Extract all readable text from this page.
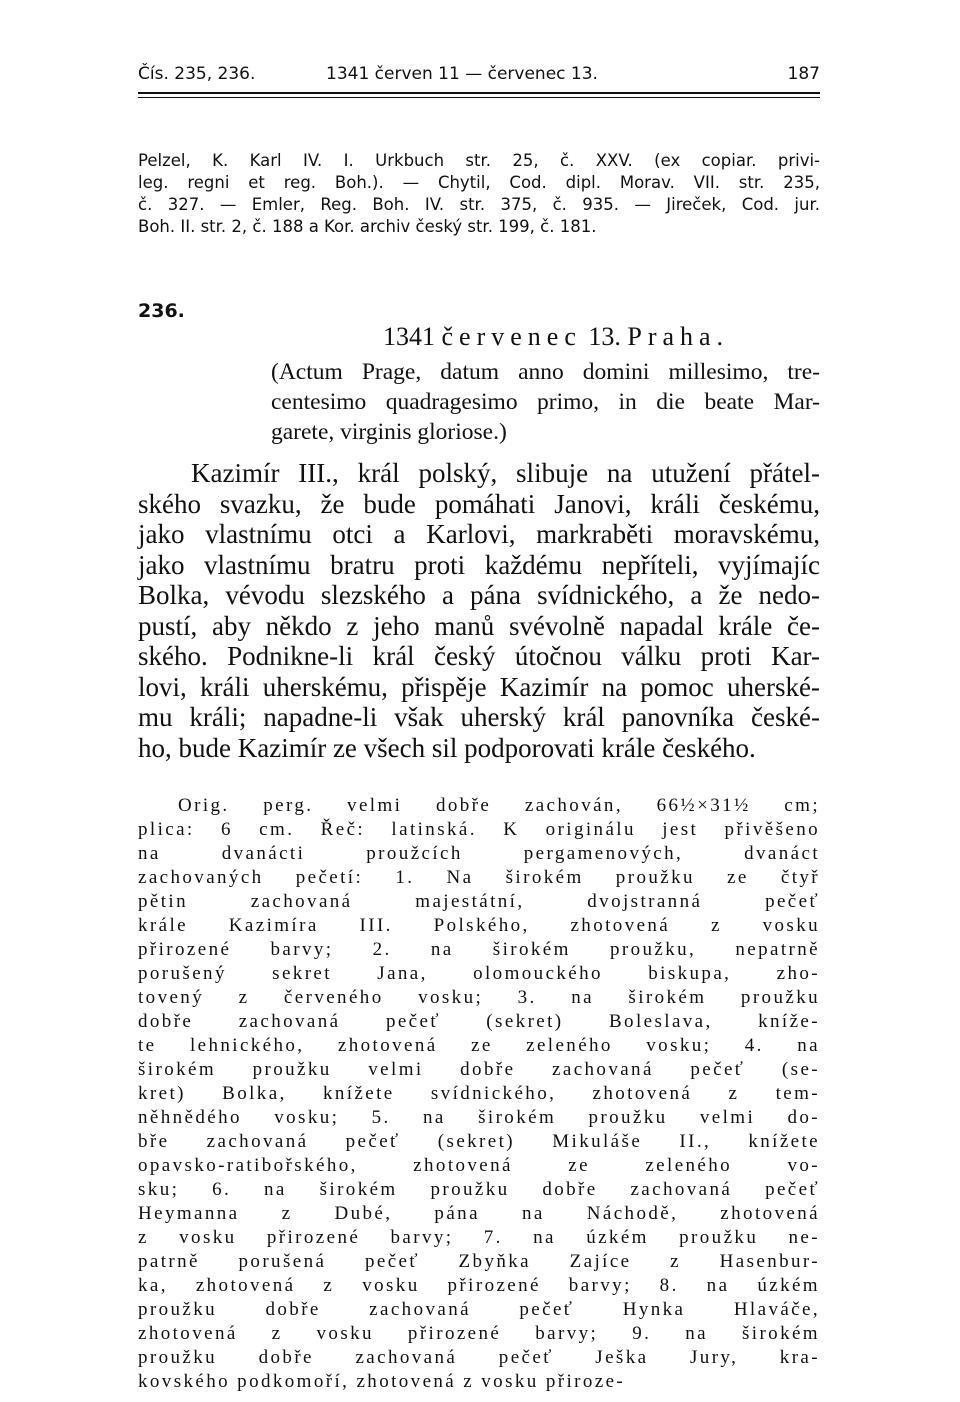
Čís. 235, 236.	1341 červen 11 — červenec 13.	187
Pelzel, K. Karl IV. I. Urkbuch str. 25, č. XXV. (ex copiar. privi-
leg. regni et reg. Boh.). — Chytil, Cod. dipl. Morav. VII. str. 235,
č. 327. — Emler, Reg. Boh. IV. str. 375, č. 935. — Jireček, Cod. jur.
Boh. II. str. 2, č. 188 a Kor. archiv český str. 199, č. 181.
236.
1341 červenec 13. Praha.
(Actum Prage, datum anno domini millesimo, tre-
centesimo quadragesimo primo, in die beate Mar-
garete, virginis gloriose.)
Kazimír III., král polský, slibuje na utužení přátel-
ského svazku, že bude pomáhati Janovi, králi českému,
jako vlastnímu otci a Karlovi, markraběti moravskému,
jako vlastnímu bratru proti každému nepříteli, vyjímajíc
Bolka, vévodu slezského a pána svídnického, a že nedo-
pustí, aby někdo z jeho manů svévolně napadal krále če-
ského. Podnikne-li král český útočnou válku proti Kar-
lovi, králi uherskému, přispěje Kazimír na pomoc uherské-
mu králi; napadne-li však uherský král panovníka české-
ho, bude Kazimír ze všech sil podporovati krále českého.
Orig. perg. velmi dobře zachován, 66½×31½ cm;
plica: 6 cm. Řeč: latinská. K originálu jest přivěšeno
na dvanácti proužcích pergamenových, dvanáct
zachovaných pečetí: 1. Na širokém proužku ze čtyř
pětin zachovaná majestátní, dvojstranná pečeť
krále Kazimíra III. Polského, zhotovená z vosku
přirozené barvy; 2. na širokém proužku, nepatrně
porušený sekret Jana, olomouckého biskupa, zho-
tovený z červeného vosku; 3. na širokém proužku
dobře zachovaná pečeť (sekret) Boleslava, kníže-
te lehnického, zhotovená ze zeleného vosku; 4. na
širokém proužku velmi dobře zachovaná pečeť (se-
kret) Bolka, knížete svídnického, zhotovená z tem-
něhnědého vosku; 5. na širokém proužku velmi do-
bře zachovaná pečeť (sekret) Mikuláše II., knížete
opavsko-ratibořského, zhotovená ze zeleného vo-
sku; 6. na širokém proužku dobře zachovaná pečeť
Heymanna z Dubé, pána na Náchodě, zhotovená
z vosku přirozené barvy; 7. na úzkém proužku ne-
patrně porušená pečeť Zbyňka Zajíce z Hasenbur-
ka, zhotovená z vosku přirozené barvy; 8. na úzkém
proužku dobře zachovaná pečeť Hynka Hlaváče,
zhotovená z vosku přirozené barvy; 9. na širokém
proužku dobře zachovaná pečeť Ješka Jury, kra-
kovského podkomoří, zhotovená z vosku přiroze-
